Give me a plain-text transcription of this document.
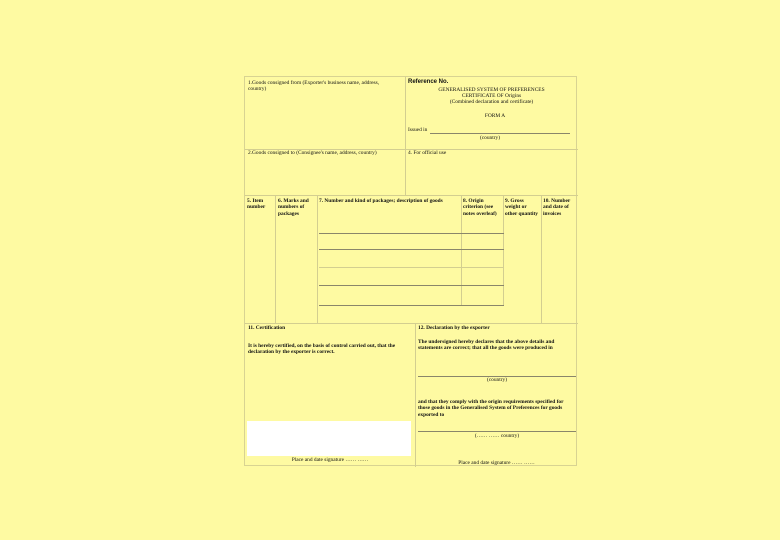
1.Goods consigned from (Exporter's business name, address, country)
Reference No.
GENERALISED SYSTEM OF PREFERENCES
CERTIFICATE OF Origins
(Combined declaration and certificate)
FORM A
Issued in
(country)
2.Goods consigned to (Consignee's name, address, country)	4. For official use
5. Item number
6. Marks and numbers of packages
7. Number and kind of packages; description of goods	8. Origin criterion (see notes overleaf)
9. Gross weight or other quantity
10. Number and date of invoices
11. Certification
It is hereby certified, on the basis of control carried out, that the declaration by the exporter is correct.
Place and date signature …… ……
12. Declaration by the exporter
The undersigned hereby declares that the above details and statements are correct; that all the goods were produced in
(country)
and that they comply with the origin requirements specified for those goods in the Generalised System of Preferences for goods exported to
(…… …… country)
Place and date signature …… ……
